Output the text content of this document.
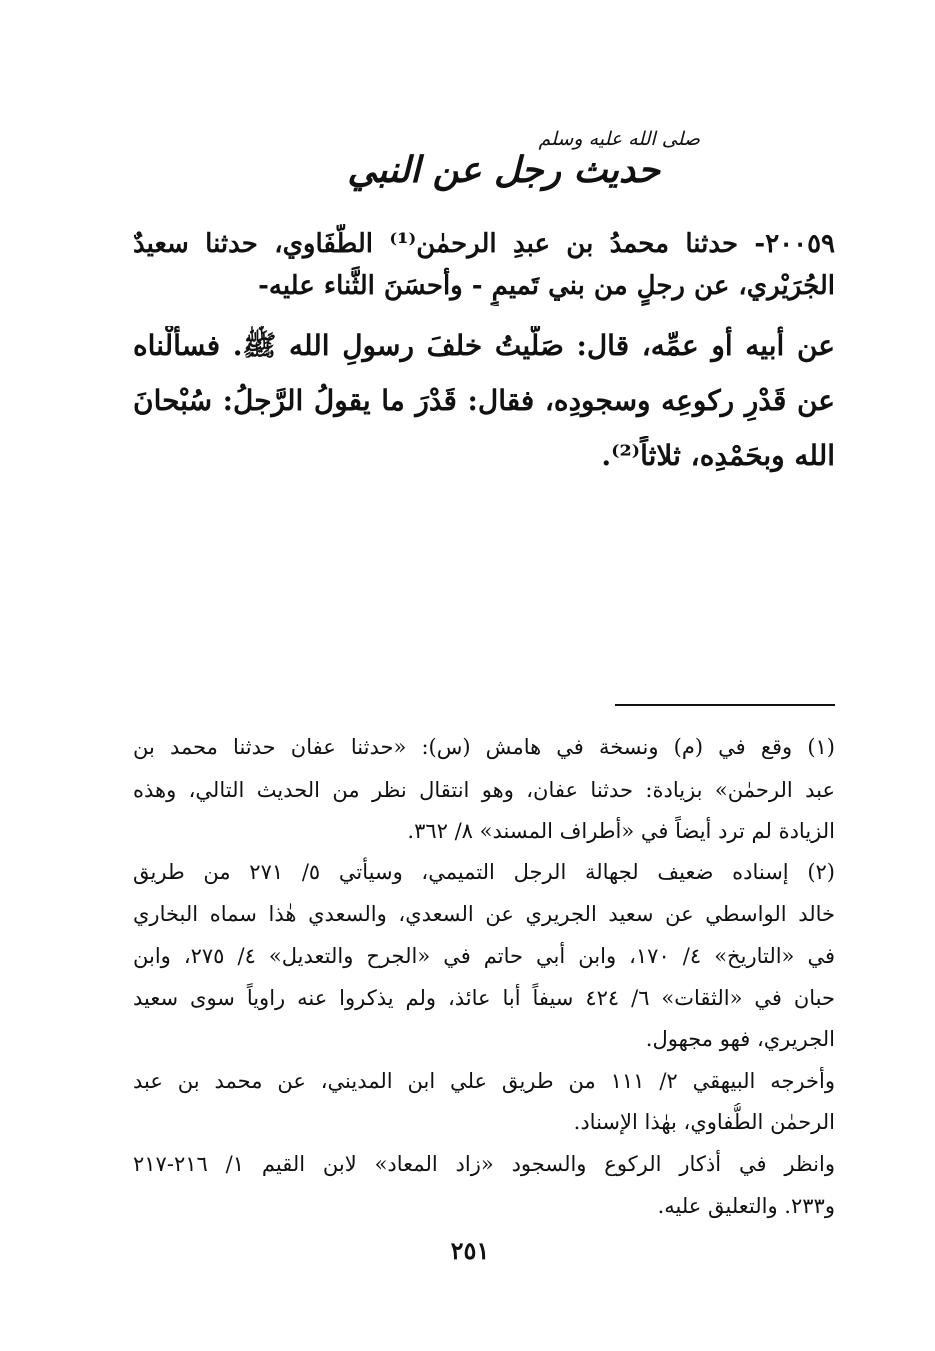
صلى الله عليه وسلم
حديث رجل عن النبي
٢٠٠٥٩- حدثنا محمدُ بن عبدِ الرحمٰن⁽¹⁾ الطُّفَاوي، حدثنا سعيدٌ
الجُرَيْري، عن رجلٍ من بني تَميمٍ - وأحسَنَ الثَّناء عليه-
عن أبيه أو عمِّه، قال: صَلَّيتُ خلفَ رسولِ الله ﷺ. فسألْناه
عن قَدْرِ ركوعِه وسجودِه، فقال: قَدْرَ ما يقولُ الرَّجلُ: سُبْحانَ
الله وبحَمْدِه، ثلاثاً⁽²⁾.
(١) وقع في (م) ونسخة في هامش (س): «حدثنا عفان حدثنا محمد بن
عبد الرحمٰن» بزيادة: حدثنا عفان، وهو انتقال نظر من الحديث التالي، وهذه
الزيادة لم ترد أيضاً في «أطراف المسند» ٨/ ٣٦٢.
(٢) إسناده ضعيف لجهالة الرجل التميمي، وسيأتي ٥/ ٢٧١ من طريق
خالد الواسطي عن سعيد الجريري عن السعدي، والسعدي هٰذا سماه البخاري
في «التاريخ» ٤/ ١٧٠، وابن أبي حاتم في «الجرح والتعديل» ٤/ ٢٧٥، وابن
حبان في «الثقات» ٦/ ٤٢٤ سيفاً أبا عائذ، ولم يذكروا عنه راوياً سوى سعيد
الجريري، فهو مجهول.
وأخرجه البيهقي ٢/ ١١١ من طريق علي ابن المديني، عن محمد بن عبد
الرحمٰن الطُّفاوي، بهٰذا الإسناد.
وانظر في أذكار الركوع والسجود «زاد المعاد» لابن القيم ١/ ٢١٦-٢١٧
و٢٣٣. والتعليق عليه.
٢٥١
